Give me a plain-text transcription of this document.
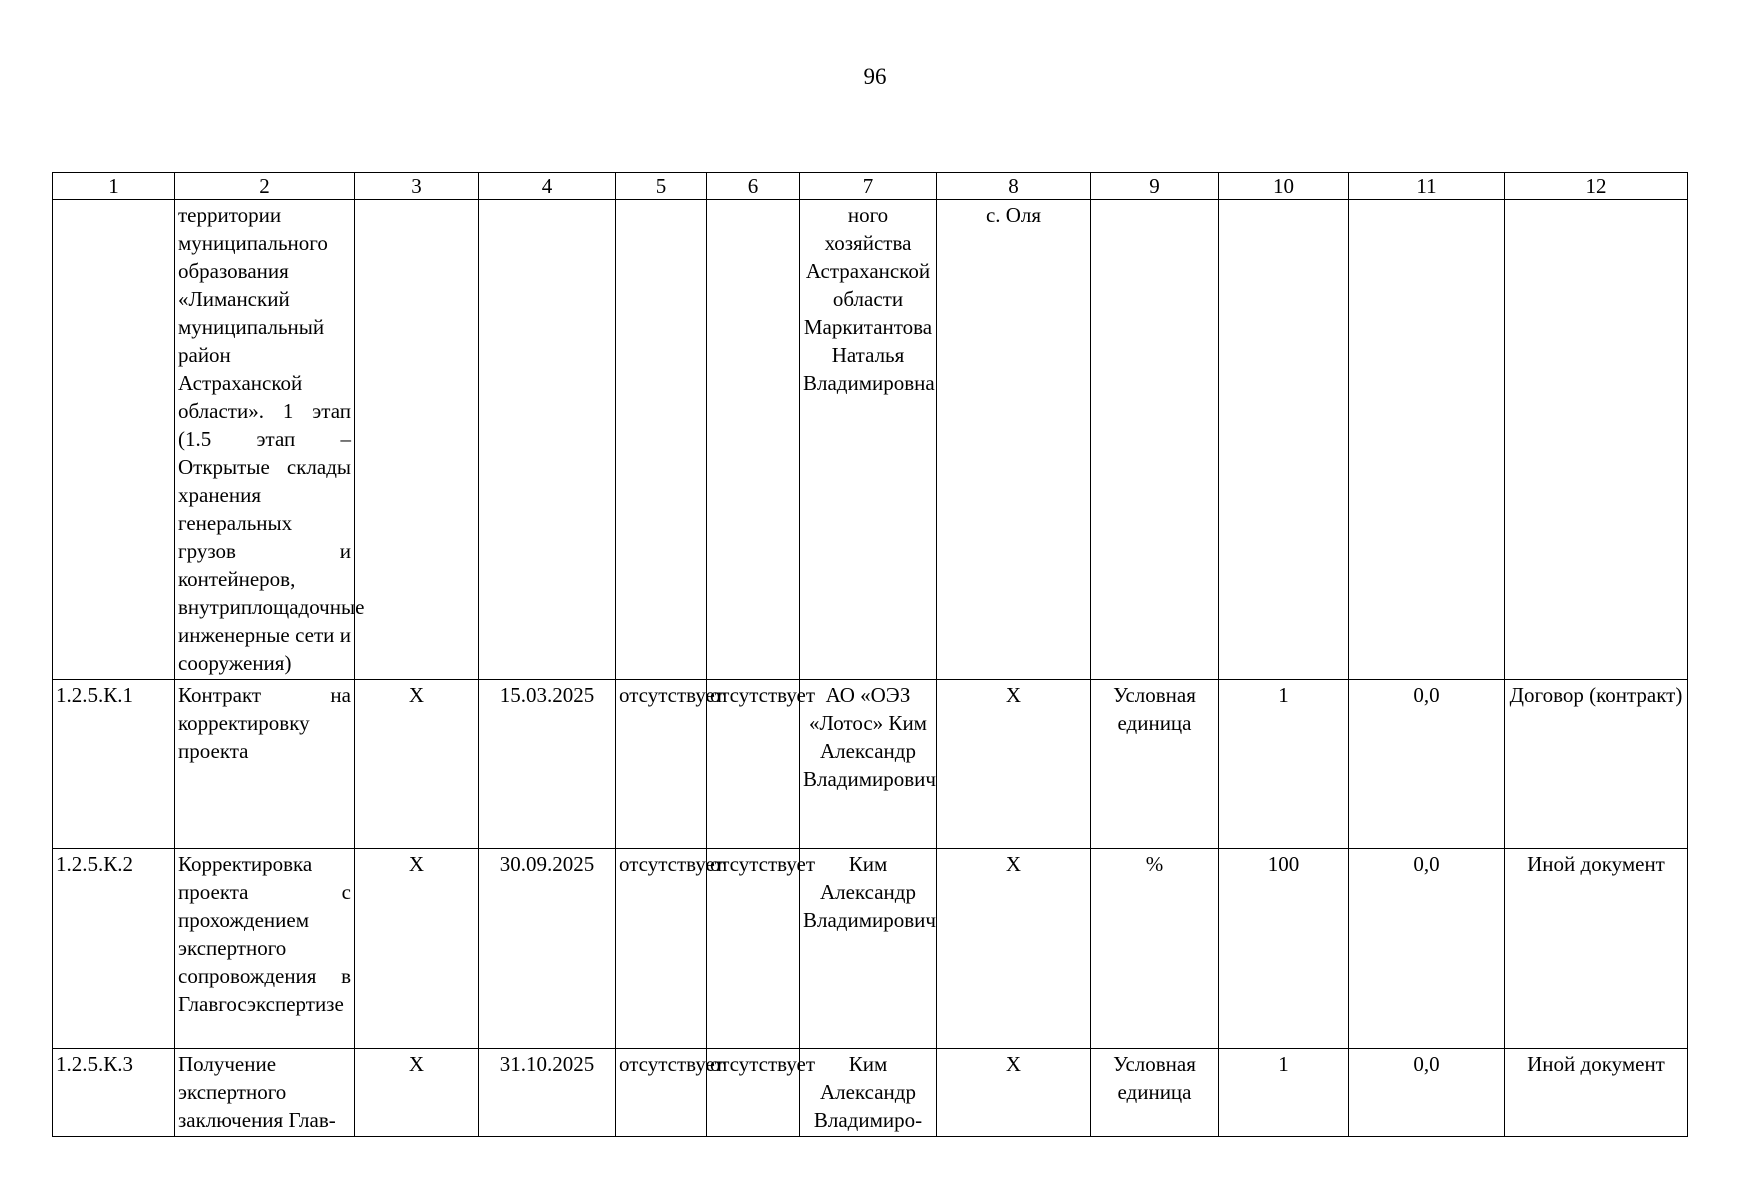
96
1	2	3	4	5	6	7	8	9	10	11	12
	территории муниципального образования «Лиманский муниципальный район Астраханской области». 1 этап (1.5 этап – Открытые склады хранения генеральных грузов и контейнеров, внутриплощадочные инженерные сети и сооружения)					ного хозяйства Астраханской области Маркитантова Наталья Владимировна	с. Оля				
1.2.5.К.1	Контракт на корректировку проекта	Х	15.03.2025	отсутствует	отсутствует	АО «ОЭЗ «Лотос» Ким Александр Владимирович	Х	Условная единица	1	0,0	Договор (контракт)
1.2.5.К.2	Корректировка проекта с прохождением экспертного сопровождения в Главгосэкспертизе	Х	30.09.2025	отсутствует	отсутствует	Ким Александр Владимирович	Х	%	100	0,0	Иной документ
1.2.5.К.3	Получение экспертного заключения Глав-	Х	31.10.2025	отсутствует	отсутствует	Ким Александр Владимиро-	Х	Условная единица	1	0,0	Иной документ
